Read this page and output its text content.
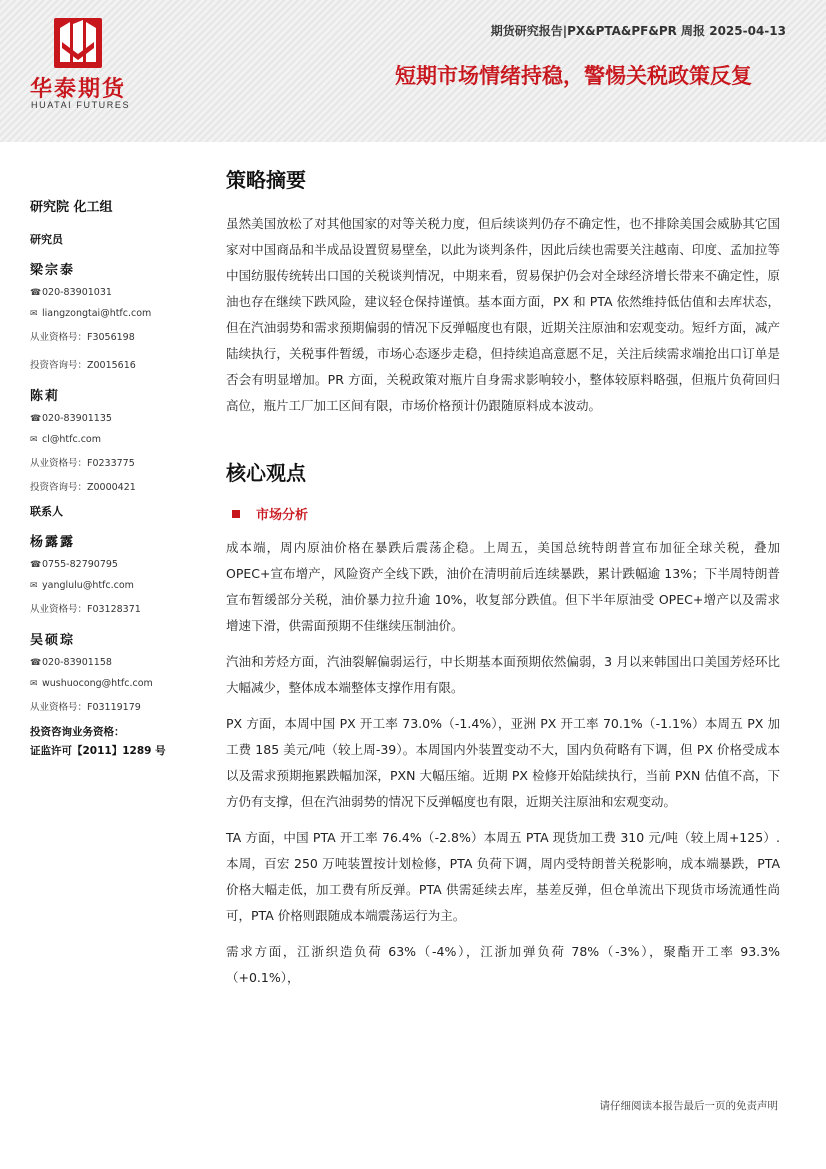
华泰期货
HUATAI FUTURES
期货研究报告|PX&PTA&PF&PR 周报 2025-04-13
短期市场情绪持稳，警惕关税政策反复
研究院 化工组
研究员
梁宗泰
☎020-83901031
✉ liangzongtai@htfc.com
从业资格号：F3056198
投资咨询号：Z0015616
陈莉
☎020-83901135
✉ cl@htfc.com
从业资格号：F0233775
投资咨询号：Z0000421
联系人
杨露露
☎0755-82790795
✉ yanglulu@htfc.com
从业资格号：F03128371
吴硕琮
☎020-83901158
✉ wushuocong@htfc.com
从业资格号：F03119179
投资咨询业务资格：
证监许可【2011】1289 号
策略摘要

虽然美国放松了对其他国家的对等关税力度，但后续谈判仍存不确定性，也不排除美国会威胁其它国家对中国商品和半成品设置贸易壁垒，以此为谈判条件，因此后续也需要关注越南、印度、孟加拉等中国纺服传统转出口国的关税谈判情况，中期来看，贸易保护仍会对全球经济增长带来不确定性，原油也存在继续下跌风险，建议轻仓保持谨慎。基本面方面，PX 和 PTA 依然维持低估值和去库状态，但在汽油弱势和需求预期偏弱的情况下反弹幅度也有限，近期关注原油和宏观变动。短纤方面，减产陆续执行，关税事件暂缓，市场心态逐步走稳，但持续追高意愿不足，关注后续需求端抢出口订单是否会有明显增加。PR 方面，关税政策对瓶片自身需求影响较小，整体较原料略强，但瓶片负荷回归高位，瓶片工厂加工区间有限，市场价格预计仍跟随原料成本波动。

核心观点
市场分析

成本端，周内原油价格在暴跌后震荡企稳。上周五，美国总统特朗普宣布加征全球关税，叠加 OPEC+宣布增产，风险资产全线下跌，油价在清明前后连续暴跌，累计跌幅逾 13%；下半周特朗普宣布暂缓部分关税，油价暴力拉升逾 10%，收复部分跌值。但下半年原油受 OPEC+增产以及需求增速下滑，供需面预期不佳继续压制油价。

汽油和芳烃方面，汽油裂解偏弱运行，中长期基本面预期依然偏弱，3 月以来韩国出口美国芳烃环比大幅减少，整体成本端整体支撑作用有限。

PX 方面，本周中国 PX 开工率 73.0%（-1.4%），亚洲 PX 开工率 70.1%（-1.1%）本周五 PX 加工费 185 美元/吨（较上周-39）。本周国内外装置变动不大，国内负荷略有下调，但 PX 价格受成本以及需求预期拖累跌幅加深，PXN 大幅压缩。近期 PX 检修开始陆续执行，当前 PXN 估值不高，下方仍有支撑，但在汽油弱势的情况下反弹幅度也有限，近期关注原油和宏观变动。

TA 方面，中国 PTA 开工率 76.4%（-2.8%）本周五 PTA 现货加工费 310 元/吨（较上周+125）.本周，百宏 250 万吨装置按计划检修，PTA 负荷下调，周内受特朗普关税影响，成本端暴跌，PTA 价格大幅走低，加工费有所反弹。PTA 供需延续去库，基差反弹，但仓单流出下现货市场流通性尚可，PTA 价格则跟随成本端震荡运行为主。

需求方面，江浙织造负荷 63%（-4%），江浙加弹负荷 78%（-3%），聚酯开工率 93.3%（+0.1%），

请仔细阅读本报告最后一页的免责声明
